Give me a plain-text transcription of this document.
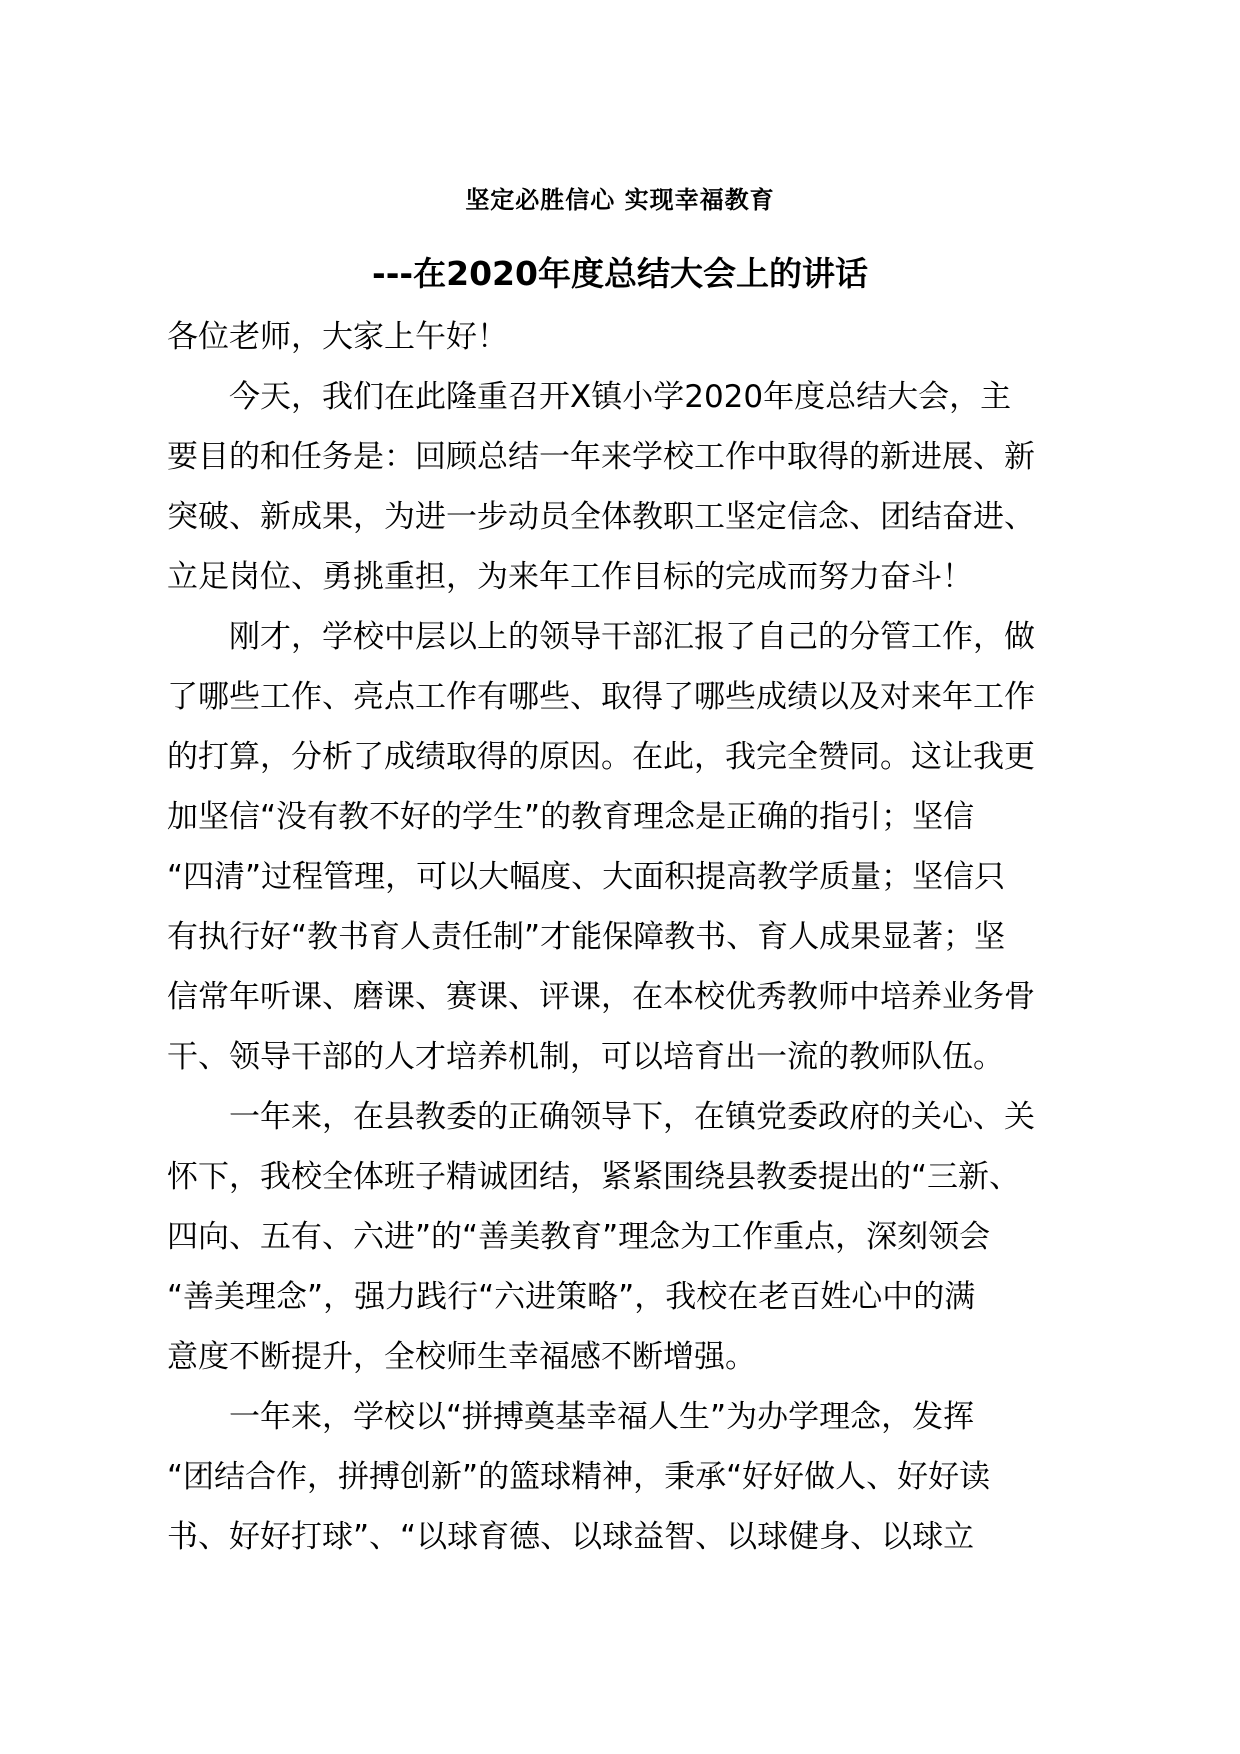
坚定必胜信心 实现幸福教育
---在2020年度总结大会上的讲话
各位老师，大家上午好！
　　今天，我们在此隆重召开X镇小学2020年度总结大会，主
要目的和任务是：回顾总结一年来学校工作中取得的新进展、新
突破、新成果，为进一步动员全体教职工坚定信念、团结奋进、
立足岗位、勇挑重担，为来年工作目标的完成而努力奋斗！
　　刚才，学校中层以上的领导干部汇报了自己的分管工作，做
了哪些工作、亮点工作有哪些、取得了哪些成绩以及对来年工作
的打算，分析了成绩取得的原因。在此，我完全赞同。这让我更
加坚信“没有教不好的学生”的教育理念是正确的指引；坚信
“四清”过程管理，可以大幅度、大面积提高教学质量；坚信只
有执行好“教书育人责任制”才能保障教书、育人成果显著；坚
信常年听课、磨课、赛课、评课，在本校优秀教师中培养业务骨
干、领导干部的人才培养机制，可以培育出一流的教师队伍。
　　一年来，在县教委的正确领导下，在镇党委政府的关心、关
怀下，我校全体班子精诚团结，紧紧围绕县教委提出的“三新、
四向、五有、六进”的“善美教育”理念为工作重点，深刻领会
“善美理念”，强力践行“六进策略”，我校在老百姓心中的满
意度不断提升，全校师生幸福感不断增强。
　　一年来，学校以“拼搏奠基幸福人生”为办学理念，发挥
“团结合作，拼搏创新”的篮球精神，秉承“好好做人、好好读
书、好好打球”、“以球育德、以球益智、以球健身、以球立
